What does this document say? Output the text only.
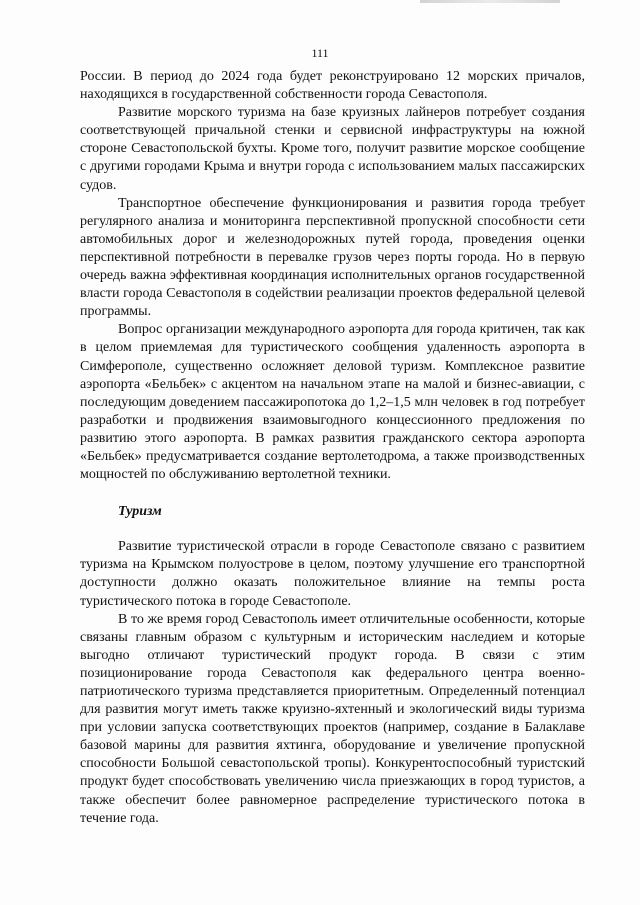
111

России. В период до 2024 года будет реконструировано 12 морских причалов, находящихся в государственной собственности города Севастополя.

Развитие морского туризма на базе круизных лайнеров потребует создания соответствующей причальной стенки и сервисной инфраструктуры на южной стороне Севастопольской бухты. Кроме того, получит развитие морское сообщение с другими городами Крыма и внутри города с использованием малых пассажирских судов.

Транспортное обеспечение функционирования и развития города требует регулярного анализа и мониторинга перспективной пропускной способности сети автомобильных дорог и железнодорожных путей города, проведения оценки перспективной потребности в перевалке грузов через порты города. Но в первую очередь важна эффективная координация исполнительных органов государственной власти города Севастополя в содействии реализации проектов федеральной целевой программы.

Вопрос организации международного аэропорта для города критичен, так как в целом приемлемая для туристического сообщения удаленность аэропорта в Симферополе, существенно осложняет деловой туризм. Комплексное развитие аэропорта «Бельбек» с акцентом на начальном этапе на малой и бизнес-авиации, с последующим доведением пассажиропотока до 1,2–1,5 млн человек в год потребует разработки и продвижения взаимовыгодного концессионного предложения по развитию этого аэропорта. В рамках развития гражданского сектора аэропорта «Бельбек» предусматривается создание вертолетодрома, а также производственных мощностей по обслуживанию вертолетной техники.

Туризм

Развитие туристической отрасли в городе Севастополе связано с развитием туризма на Крымском полуострове в целом, поэтому улучшение его транспортной доступности должно оказать положительное влияние на темпы роста туристического потока в городе Севастополе.

В то же время город Севастополь имеет отличительные особенности, которые связаны главным образом с культурным и историческим наследием и которые выгодно отличают туристический продукт города. В связи с этим позиционирование города Севастополя как федерального центра военно-патриотического туризма представляется приоритетным. Определенный потенциал для развития могут иметь также круизно-яхтенный и экологический виды туризма при условии запуска соответствующих проектов (например, создание в Балаклаве базовой марины для развития яхтинга, оборудование и увеличение пропускной способности Большой севастопольской тропы). Конкурентоспособный туристский продукт будет способствовать увеличению числа приезжающих в город туристов, а также обеспечит более равномерное распределение туристического потока в течение года.
